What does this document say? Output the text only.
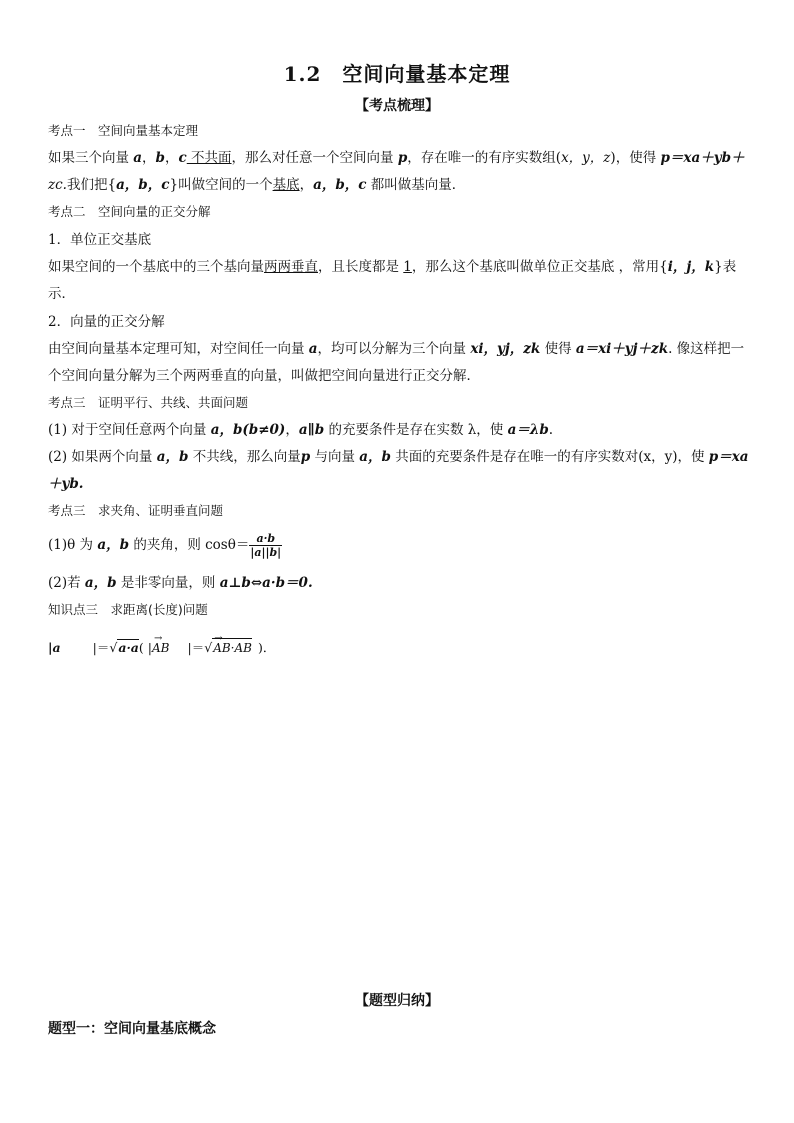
1.2　空间向量基本定理
【考点梳理】
考点一　空间向量基本定理
如果三个向量 a，b，c 不共面，那么对任意一个空间向量 p，存在唯一的有序实数组(x，y，z)，使得 p＝xa＋yb＋
zc.我们把{a，b，c}叫做空间的一个基底，a，b，c 都叫做基向量．
考点二　空间向量的正交分解
1．单位正交基底
如果空间的一个基底中的三个基向量两两垂直，且长度都是 1，那么这个基底叫做单位正交基底 ，常用{i，j，k}表
示．
2．向量的正交分解
由空间向量基本定理可知，对空间任一向量 a，均可以分解为三个向量 xi，yj，zk 使得 a＝xi＋yj＋zk. 像这样把一
个空间向量分解为三个两两垂直的向量，叫做把空间向量进行正交分解．
考点三　证明平行、共线、共面问题
(1) 对于空间任意两个向量 a，b(b≠0)，a∥b 的充要条件是存在实数 λ，使 a＝λb.
(2) 如果两个向量 a，b 不共线，那么向量p 与向量 a，b 共面的充要条件是存在唯一的有序实数对(x，y)，使 p＝xa
＋yb.
考点三　求夹角、证明垂直问题
(1)θ 为 a，b 的夹角，则 $\cos\theta= \frac{a\cdot b}{|a||b|}$
(2)若 a，b 是非零向量，则 a⊥b⇔a·b＝0.
知识点三　求距离(长度)问题
|a	|＝√a·a( |→ AB |＝√→ AB·AB )．
【题型归纳】
题型一：空间向量基底概念
